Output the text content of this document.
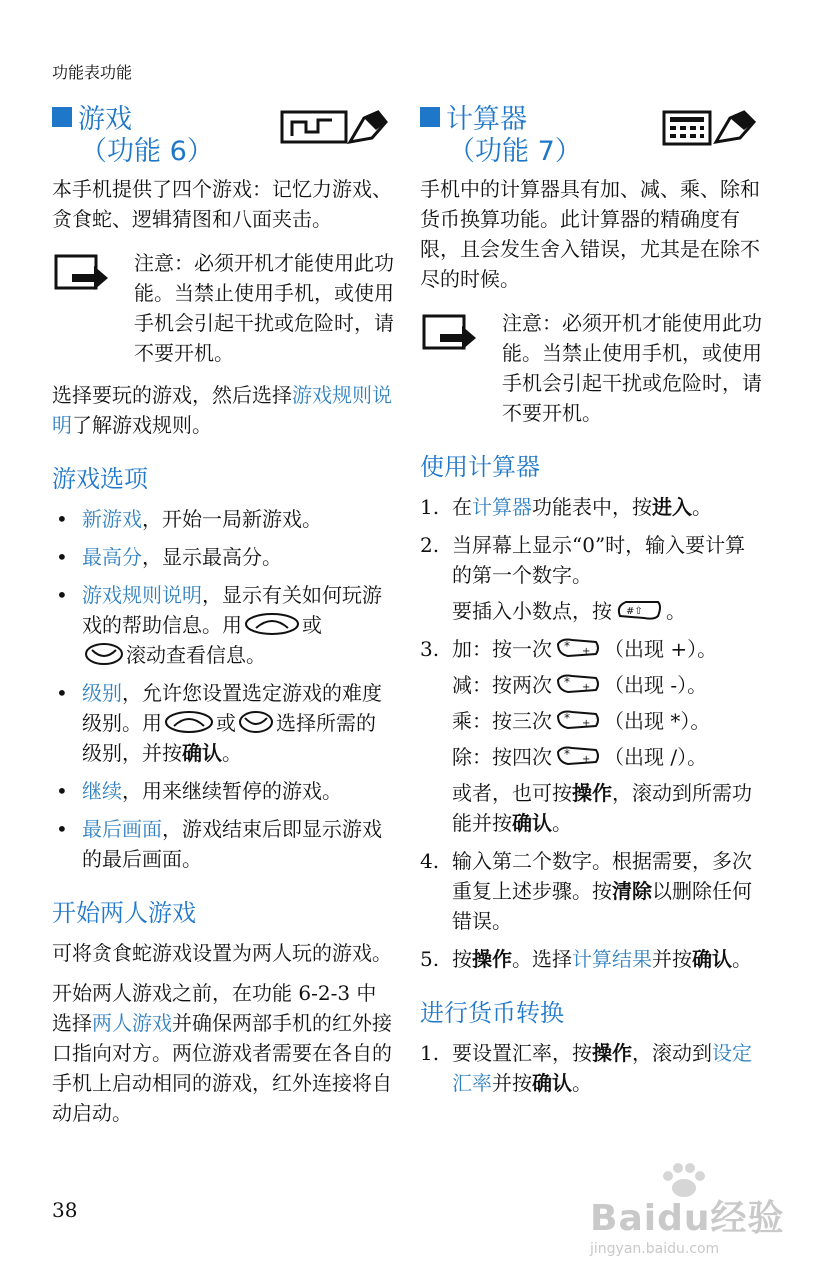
功能表功能
游戏
（功能 6）

本手机提供了四个游戏：记忆力游戏、贪食蛇、逻辑猜图和八面夹击。

注意：必须开机才能使用此功能。当禁止使用手机，或使用手机会引起干扰或危险时，请不要开机。

选择要玩的游戏，然后选择游戏规则说明了解游戏规则。

游戏选项
• 新游戏，开始一局新游戏。
• 最高分，显示最高分。
• 游戏规则说明，显示有关如何玩游戏的帮助信息。用	或
滚动查看信息。
• 级别，允许您设置选定游戏的难度级别。用	或 选择所需的级别，并按确认。
• 继续，用来继续暂停的游戏。
• 最后画面，游戏结束后即显示游戏的最后画面。
开始两人游戏

可将贪食蛇游戏设置为两人玩的游戏。

开始两人游戏之前，在功能 6-2-3 中选择两人游戏并确保两部手机的红外接口指向对方。两位游戏者需要在各自的手机上启动相同的游戏，红外连接将自动启动。

计算器
（功能 7）

手机中的计算器具有加、减、乘、除和货币换算功能。此计算器的精确度有限，且会发生舍入错误，尤其是在除不尽的时候。

注意：必须开机才能使用此功能。当禁止使用手机，或使用手机会引起干扰或危险时，请不要开机。

使用计算器
1. 在计算器功能表中，按进入。
2. 当屏幕上显示“0”时，输入要计算的第一个数字。
要插入小数点，按 #⇧ 。
3. 加：按一次 * + （出现 +）。
减：按两次 * + （出现 -）。
乘：按三次 * + （出现 *）。
除：按四次 * + （出现 /）。
或者，也可按操作，滚动到所需功能并按确认。
4. 输入第二个数字。根据需要，多次重复上述步骤。按清除以删除任何错误。
5. 按操作。选择计算结果并按确认。
进行货币转换
1. 要设置汇率，按操作，滚动到设定汇率并按确认。
38	Baidu经验
jingyan.baidu.com
